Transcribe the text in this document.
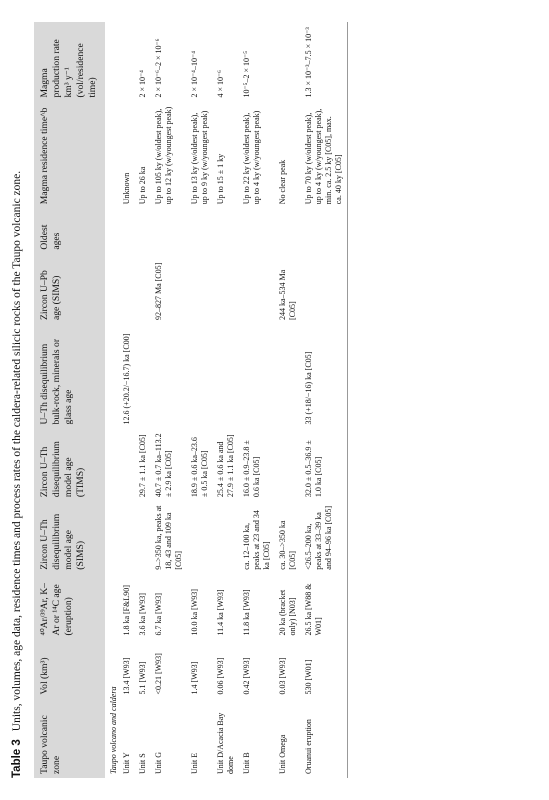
Table 3Units, volumes, age data, residence times and process rates of the caldera-related silicic rocks of the Taupo volcanic zone.
Taupo volcanic zone	Vol (km³)	⁴⁰Ar/³⁹Ar, K–Ar or ¹⁴C age (eruption)	Zircon U–Th disequilibrium model age (SIMS)	Zircon U–Th disequilibrium model age (TIMS)	U–Th disequilibrium bulk-rock, minerals or glass age	Zircon U–Pb age (SIMS)	Oldest ages	Magma residence time^b	Magma production rate km³ y⁻¹ (vol/residence time)
Taupo volcano and caldera									
Unit Y	13.4 [W93]	1.8 ka [F&L90]			12.6 (+20.2/−16.7) ka [C00]			Unknown	
Unit S	5.1 [W93]	3.6 ka [W93]		29.7 ± 1.1 ka [C05]				Up to 26 ka	2 × 10⁻⁴
Unit G	<0.21 [W93]	6.7 ka [W93]	9–>350 ka, peaks at 18, 43 and 109 ka [C05]	40.7 ± 0.7 ka–113.2 ± 2.9 ka [C05]		92–827 Ma [C05]		Up to 105 ky (w/oldest peak), up to 12 ky (w/youngest peak)	2 × 10⁻⁶–2 × 10⁻⁶
Unit E	1.4 [W93]	10.0 ka [W93]		18.9 ± 0.6 ka–23.6 ± 0.5 ka [C05]				Up to 13 ky (w/oldest peak), up to 9 ky (w/youngest peak)	2 × 10⁻⁴–10⁻⁴
Unit D/Acacia Bay dome	0.06 [W93]	11.4 ka [W93]		25.4 ± 0.6 ka and 27.9 ± 1.1 ka [C05]				Up to 15 ± 1 ky	4 × 10⁻⁶
Unit B	0.42 [W93]	11.8 ka [W93]	ca. 12–100 ka, peaks at 23 and 34 ka [C05]	16.0 ± 0.9–23.8 ± 0.6 ka [C05]				Up to 22 ky (w/oldest peak), up to 4 ky (w/youngest peak)	10⁻⁵–2 × 10⁻⁵
Unit Omega	0.03 [W93]	20 ka (bracket only) [N03]	ca. 30–>350 ka [C05]			244 ka–534 Ma [C05]		No clear peak	
Oruanui eruption	530 [W01]	26.5 ka [W88 & W01]	<26.5–200 ka, peaks at 33–39 ka and 94–96 ka [C05]	32.0 ± 0.5–36.9 ± 1.0 ka [C05]	33 (+18/−16) ka [C05]			Up to 70 ky (w/oldest peak), up to 4 ky (w/youngest peak), min. ca. 2.5 ky [C05], max. ca. 40 ky [C05]	1.3 × 10⁻³–7.5 × 10⁻³
